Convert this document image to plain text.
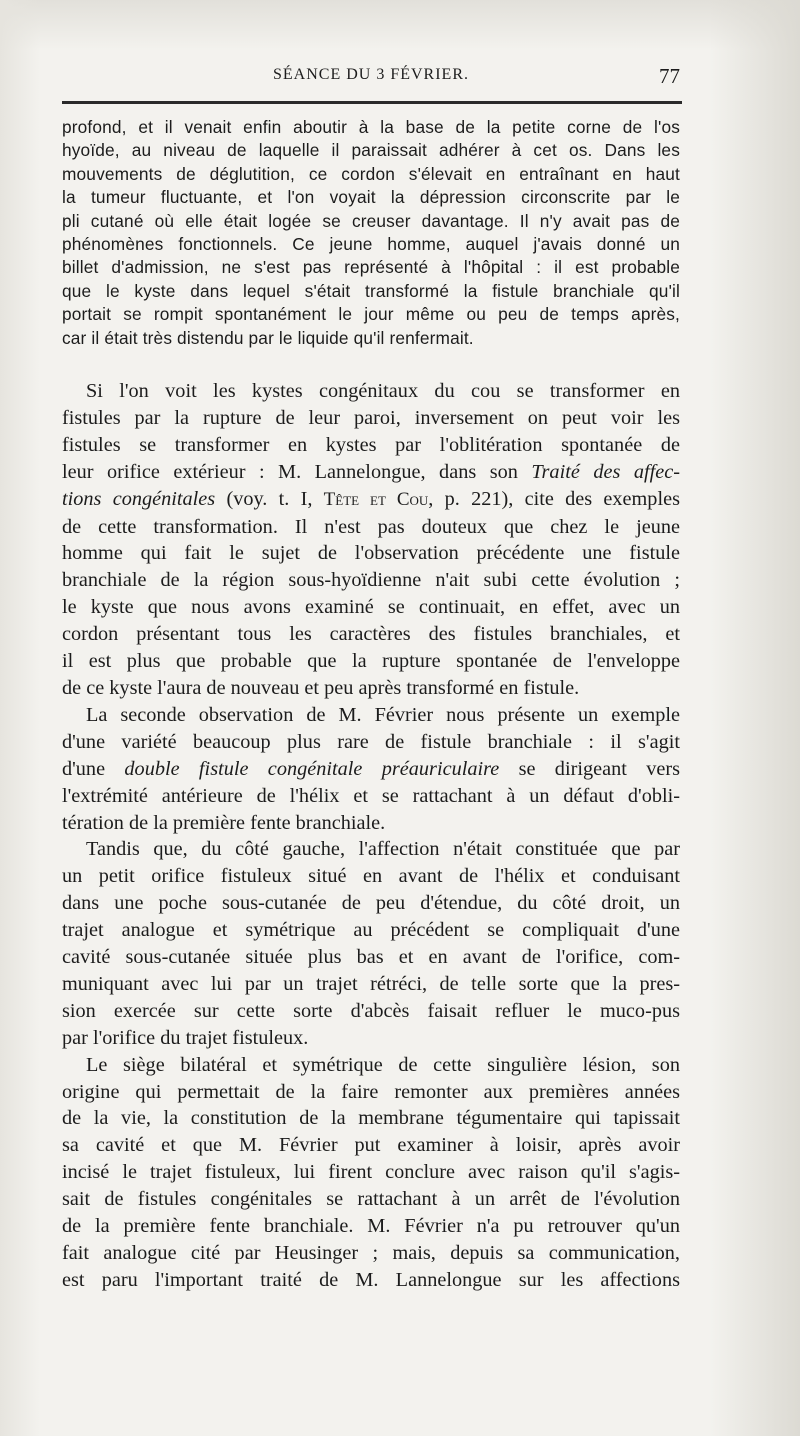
SÉANCE DU 3 FÉVRIER.	77
profond, et il venait enfin aboutir à la base de la petite corne de l'os
hyoïde, au niveau de laquelle il paraissait adhérer à cet os. Dans les
mouvements de déglutition, ce cordon s'élevait en entraînant en haut
la tumeur fluctuante, et l'on voyait la dépression circonscrite par le
pli cutané où elle était logée se creuser davantage. Il n'y avait pas de
phénomènes fonctionnels. Ce jeune homme, auquel j'avais donné un
billet d'admission, ne s'est pas représenté à l'hôpital : il est probable
que le kyste dans lequel s'était transformé la fistule branchiale qu'il
portait se rompit spontanément le jour même ou peu de temps après,
car il était très distendu par le liquide qu'il renfermait.
Si l'on voit les kystes congénitaux du cou se transformer en
fistules par la rupture de leur paroi, inversement on peut voir les
fistules se transformer en kystes par l'oblitération spontanée de
leur orifice extérieur : M. Lannelongue, dans son Traité des affec-
tions congénitales (voy. t. I, Tête et Cou, p. 221), cite des exemples
de cette transformation. Il n'est pas douteux que chez le jeune
homme qui fait le sujet de l'observation précédente une fistule
branchiale de la région sous-hyoïdienne n'ait subi cette évolution ;
le kyste que nous avons examiné se continuait, en effet, avec un
cordon présentant tous les caractères des fistules branchiales, et
il est plus que probable que la rupture spontanée de l'enveloppe
de ce kyste l'aura de nouveau et peu après transformé en fistule.
La seconde observation de M. Février nous présente un exemple
d'une variété beaucoup plus rare de fistule branchiale : il s'agit
d'une double fistule congénitale préauriculaire se dirigeant vers
l'extrémité antérieure de l'hélix et se rattachant à un défaut d'obli-
tération de la première fente branchiale.
Tandis que, du côté gauche, l'affection n'était constituée que par
un petit orifice fistuleux situé en avant de l'hélix et conduisant
dans une poche sous-cutanée de peu d'étendue, du côté droit, un
trajet analogue et symétrique au précédent se compliquait d'une
cavité sous-cutanée située plus bas et en avant de l'orifice, com-
muniquant avec lui par un trajet rétréci, de telle sorte que la pres-
sion exercée sur cette sorte d'abcès faisait refluer le muco-pus
par l'orifice du trajet fistuleux.
Le siège bilatéral et symétrique de cette singulière lésion, son
origine qui permettait de la faire remonter aux premières années
de la vie, la constitution de la membrane tégumentaire qui tapissait
sa cavité et que M. Février put examiner à loisir, après avoir
incisé le trajet fistuleux, lui firent conclure avec raison qu'il s'agis-
sait de fistules congénitales se rattachant à un arrêt de l'évolution
de la première fente branchiale. M. Février n'a pu retrouver qu'un
fait analogue cité par Heusinger ; mais, depuis sa communication,
est paru l'important traité de M. Lannelongue sur les affections
